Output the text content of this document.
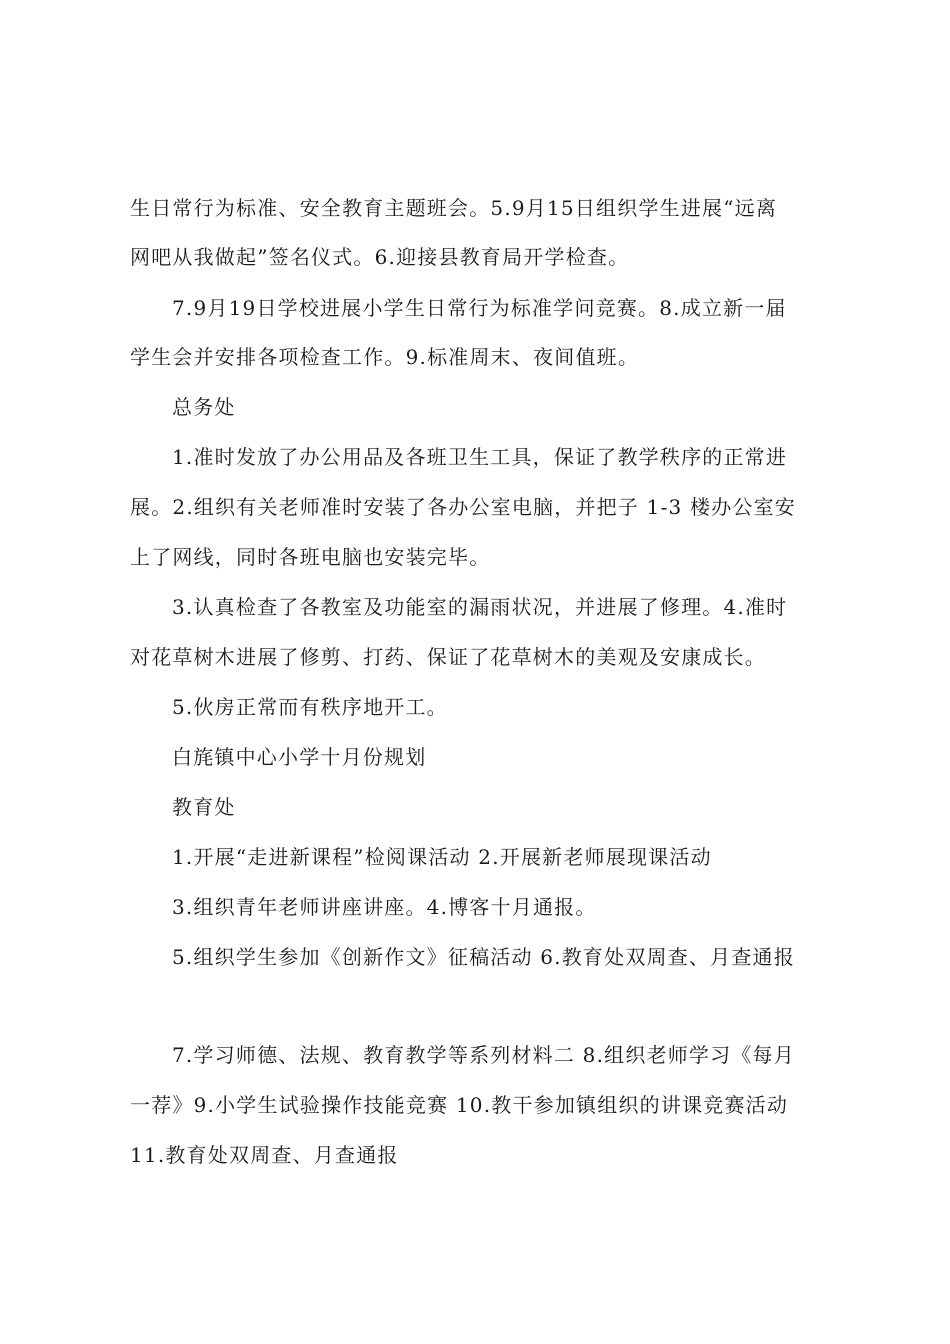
生日常行为标准、安全教育主题班会。5.9月15日组织学生进展“远离
网吧从我做起”签名仪式。6.迎接县教育局开学检查。
7.9月19日学校进展小学生日常行为标准学问竞赛。8.成立新一届
学生会并安排各项检查工作。9.标准周末、夜间值班。
总务处
1.准时发放了办公用品及各班卫生工具，保证了教学秩序的正常进
展。2.组织有关老师准时安装了各办公室电脑，并把子 1-3 楼办公室安
上了网线，同时各班电脑也安装完毕。
3.认真检查了各教室及功能室的漏雨状况，并进展了修理。4.准时
对花草树木进展了修剪、打药、保证了花草树木的美观及安康成长。
5.伙房正常而有秩序地开工。
白旄镇中心小学十月份规划
教育处
1.开展“走进新课程”检阅课活动 2.开展新老师展现课活动
3.组织青年老师讲座讲座。4.博客十月通报。
5.组织学生参加《创新作文》征稿活动 6.教育处双周查、月查通报
7.学习师德、法规、教育教学等系列材料二 8.组织老师学习《每月
一荐》9.小学生试验操作技能竞赛 10.教干参加镇组织的讲课竞赛活动
11.教育处双周查、月查通报
